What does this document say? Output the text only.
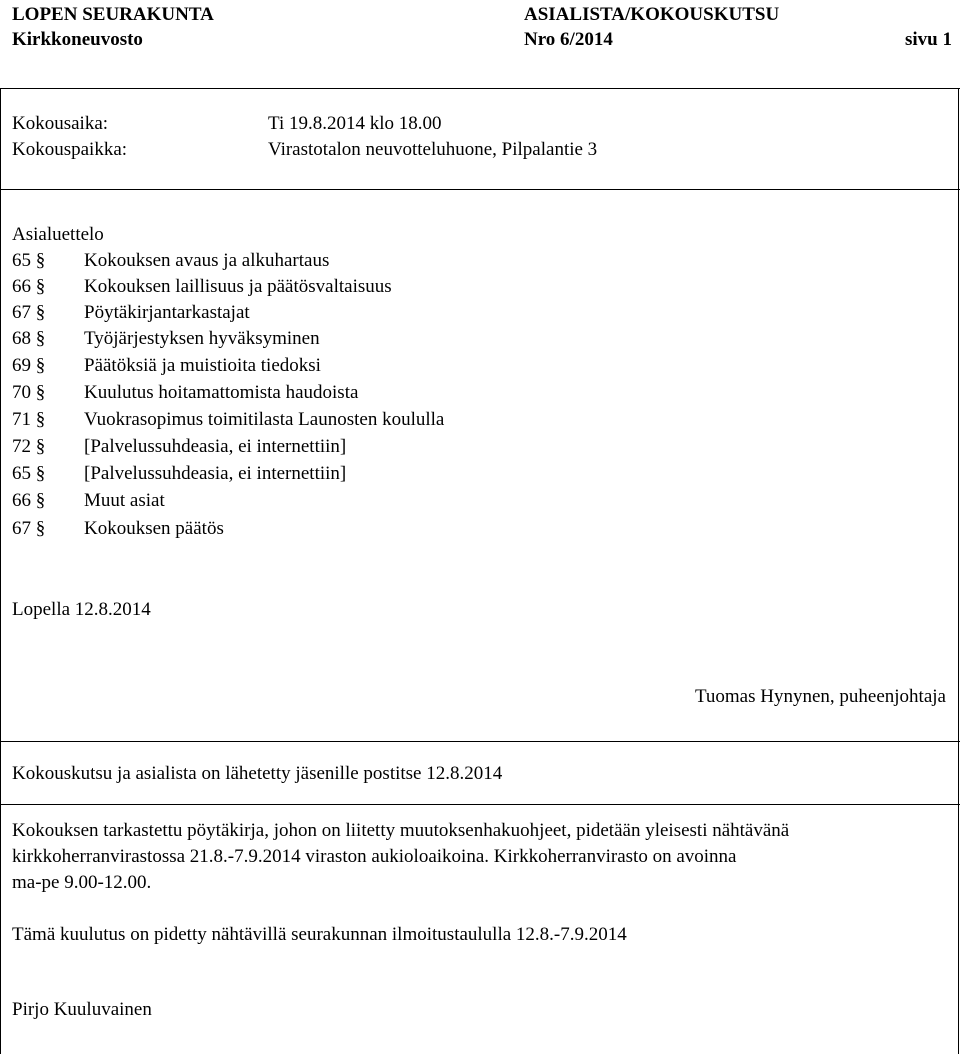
LOPEN SEURAKUNTA	ASIALISTA/KOKOUSKUTSU
Kirkkoneuvosto	Nro 6/2014	sivu 1
Kokousaika:	Ti 19.8.2014 klo 18.00
Kokouspaikka:	Virastotalon neuvotteluhuone, Pilpalantie 3
Asialuettelo
65 § Kokouksen avaus ja alkuhartaus
66 § Kokouksen laillisuus ja päätösvaltaisuus
67 § Pöytäkirjantarkastajat
68 § Työjärjestyksen hyväksyminen
69 § Päätöksiä ja muistioita tiedoksi
70 § Kuulutus hoitamattomista haudoista
71 § Vuokrasopimus toimitilasta Launosten koululla
72 § [Palvelussuhdeasia, ei internettiin]
65 § [Palvelussuhdeasia, ei internettiin]
66 § Muut asiat
67 § Kokouksen päätös
Lopella 12.8.2014
Tuomas Hynynen, puheenjohtaja
Kokouskutsu ja asialista on lähetetty jäsenille postitse 12.8.2014
Kokouksen tarkastettu pöytäkirja, johon on liitetty muutoksenhakuohjeet, pidetään yleisesti nähtävänä
kirkkoherranvirastossa 21.8.-7.9.2014 viraston aukioloaikoina. Kirkkoherranvirasto on avoinna
ma-pe 9.00-12.00.
Tämä kuulutus on pidetty nähtävillä seurakunnan ilmoitustaululla 12.8.-7.9.2014
Pirjo Kuuluvainen
